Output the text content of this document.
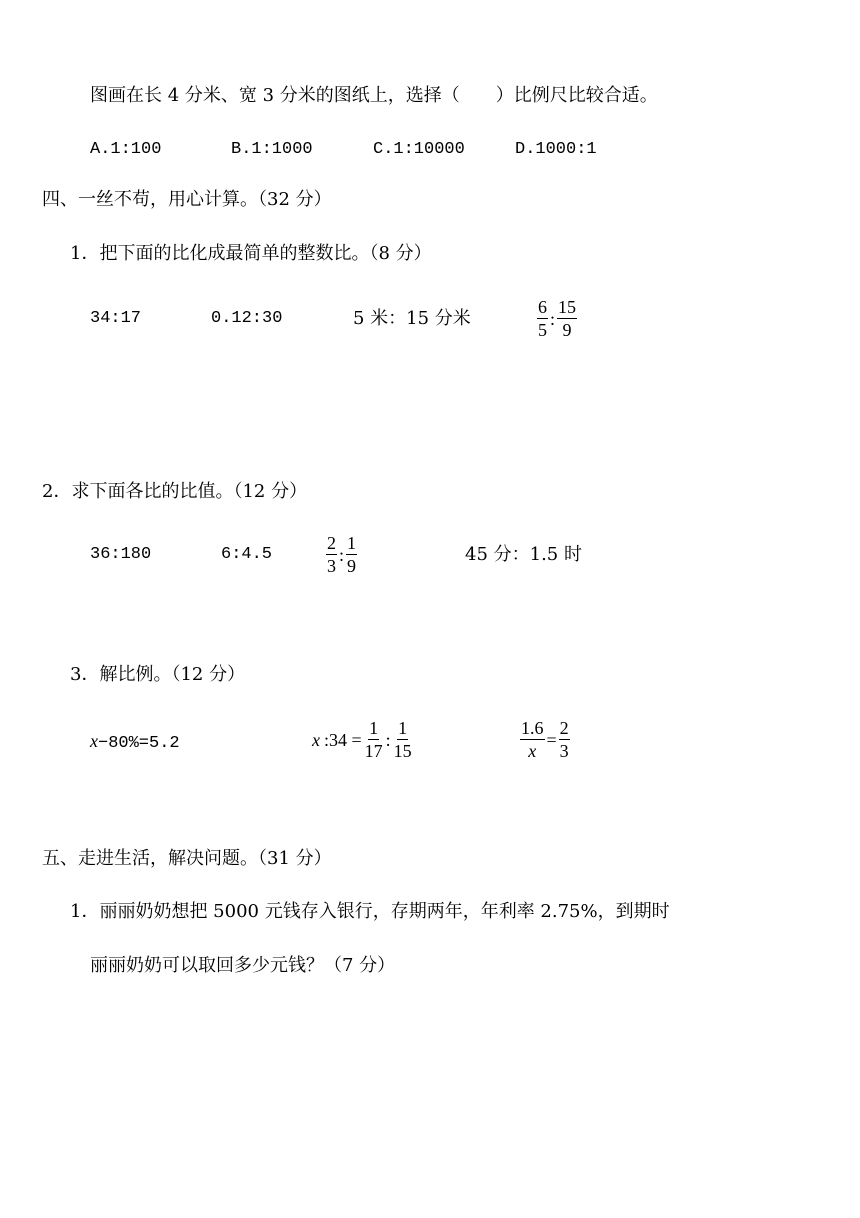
图画在长 4 分米、宽 3 分米的图纸上，选择（　　）比例尺比较合适。
A.1:100	B.1:1000	C.1:10000	D.1000:1
四、一丝不苟，用心计算。（32 分）
1．把下面的比化成最简单的整数比。（8 分）
34:17	0.12:30	5 米：15 分米	$\frac{6}{5}$ : $\frac{15}{9}$
2．求下面各比的比值。（12 分）
36:180	6:4.5	$\frac{2}{3}$ : $\frac{1}{9}$	45 分：1.5 时
3．解比例。（12 分）
x−80%=5.2	x :34 = $\frac{1}{17}$ : $\frac{1}{15}$	$\frac{1.6}{x} = \frac{2}{3}$
五、走进生活，解决问题。（31 分）
1．丽丽奶奶想把 5000 元钱存入银行，存期两年，年利率 2.75%，到期时
丽丽奶奶可以取回多少元钱？（7 分）
